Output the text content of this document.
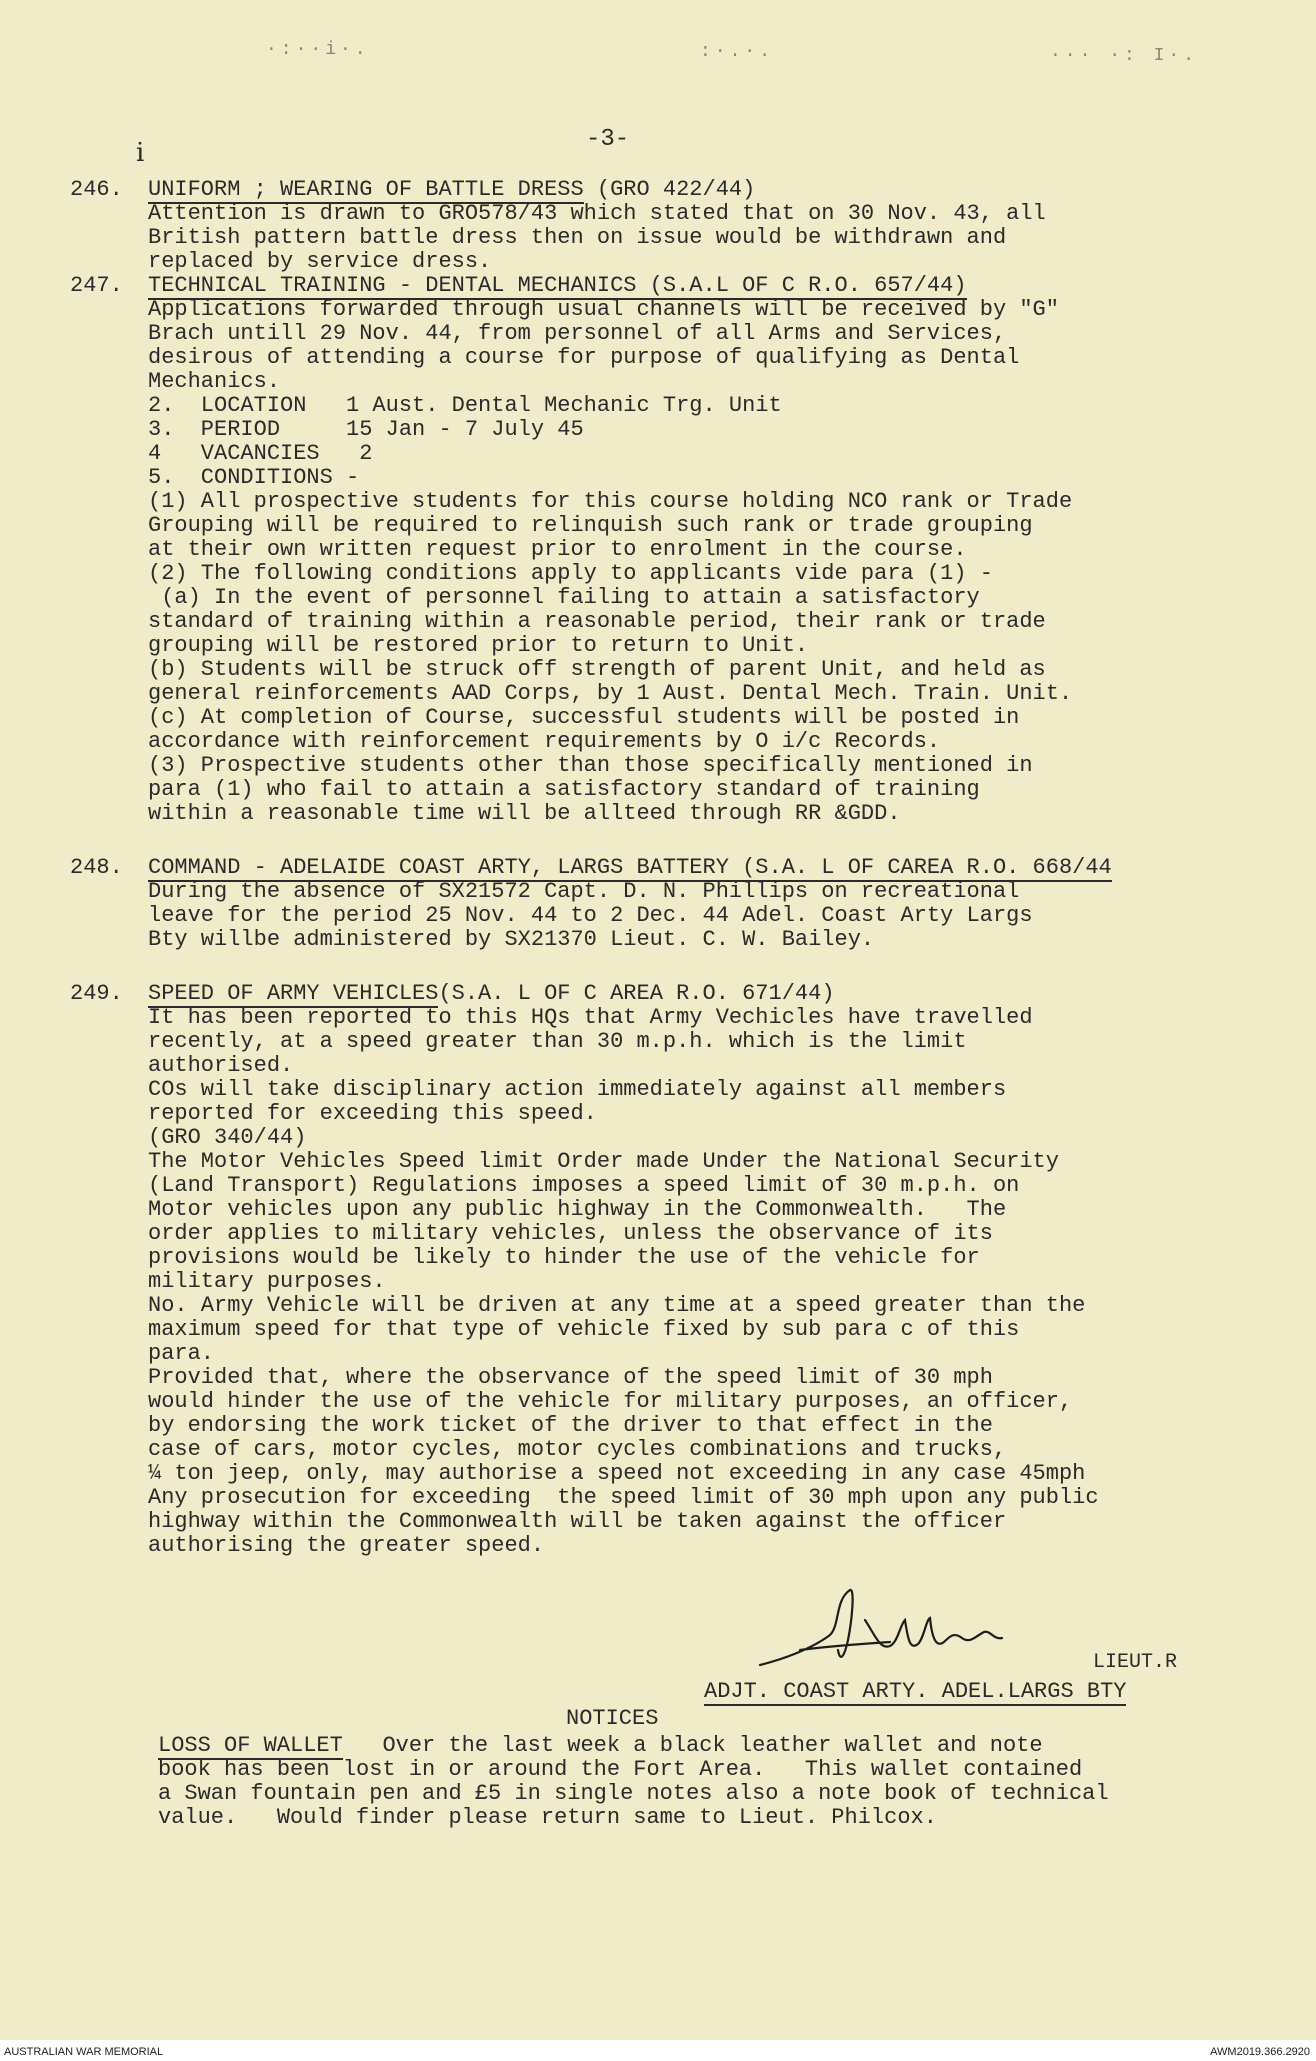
·:··i·.	:·.·.	··· ·: I·.
-3-
i
246. UNIFORM ; WEARING OF BATTLE DRESS (GRO 422/44)
Attention is drawn to GRO578/43 which stated that on 30 Nov. 43, all
British pattern battle dress then on issue would be withdrawn and
replaced by service dress.
247. TECHNICAL TRAINING - DENTAL MECHANICS (S.A.L OF C R.O. 657/44)
Applications forwarded through usual channels will be received by "G"
Brach untill 29 Nov. 44, from personnel of all Arms and Services,
desirous of attending a course for purpose of qualifying as Dental
Mechanics.
2.  LOCATION   1 Aust. Dental Mechanic Trg. Unit
3.  PERIOD     15 Jan - 7 July 45
4   VACANCIES   2
5.  CONDITIONS -
(1) All prospective students for this course holding NCO rank or Trade
Grouping will be required to relinquish such rank or trade grouping
at their own written request prior to enrolment in the course.
(2) The following conditions apply to applicants vide para (1) -
(a) In the event of personnel failing to attain a satisfactory
standard of training within a reasonable period, their rank or trade
grouping will be restored prior to return to Unit.
(b) Students will be struck off strength of parent Unit, and held as
general reinforcements AAD Corps, by 1 Aust. Dental Mech. Train. Unit.
(c) At completion of Course, successful students will be posted in
accordance with reinforcement requirements by O i/c Records.
(3) Prospective students other than those specifically mentioned in
para (1) who fail to attain a satisfactory standard of training
within a reasonable time will be allteed through RR &GDD.
248. COMMAND - ADELAIDE COAST ARTY, LARGS BATTERY (S.A. L OF CAREA R.O. 668/44
During the absence of SX21572 Capt. D. N. Phillips on recreational
leave for the period 25 Nov. 44 to 2 Dec. 44 Adel. Coast Arty Largs
Bty willbe administered by SX21370 Lieut. C. W. Bailey.
249. SPEED OF ARMY VEHICLES(S.A. L OF C AREA R.O. 671/44)
It has been reported to this HQs that Army Vechicles have travelled
recently, at a speed greater than 30 m.p.h. which is the limit
authorised.
COs will take disciplinary action immediately against all members
reported for exceeding this speed.
(GRO 340/44)
The Motor Vehicles Speed limit Order made Under the National Security
(Land Transport) Regulations imposes a speed limit of 30 m.p.h. on
Motor vehicles upon any public highway in the Commonwealth.   The
order applies to military vehicles, unless the observance of its
provisions would be likely to hinder the use of the vehicle for
military purposes.
No. Army Vehicle will be driven at any time at a speed greater than the
maximum speed for that type of vehicle fixed by sub para c of this
para.
Provided that, where the observance of the speed limit of 30 mph
would hinder the use of the vehicle for military purposes, an officer,
by endorsing the work ticket of the driver to that effect in the
case of cars, motor cycles, motor cycles combinations and trucks,
¼ ton jeep, only, may authorise a speed not exceeding in any case 45mph
Any prosecution for exceeding  the speed limit of 30 mph upon any public
highway within the Commonwealth will be taken against the officer
authorising the greater speed.
LIEUT.R
ADJT. COAST ARTY. ADEL.LARGS BTY
NOTICES
LOSS OF WALLET   Over the last week a black leather wallet and note
book has been lost in or around the Fort Area.   This wallet contained
a Swan fountain pen and £5 in single notes also a note book of technical
value.   Would finder please return same to Lieut. Philcox.
AUSTRALIAN WAR MEMORIAL	AWM2019.366.2920
